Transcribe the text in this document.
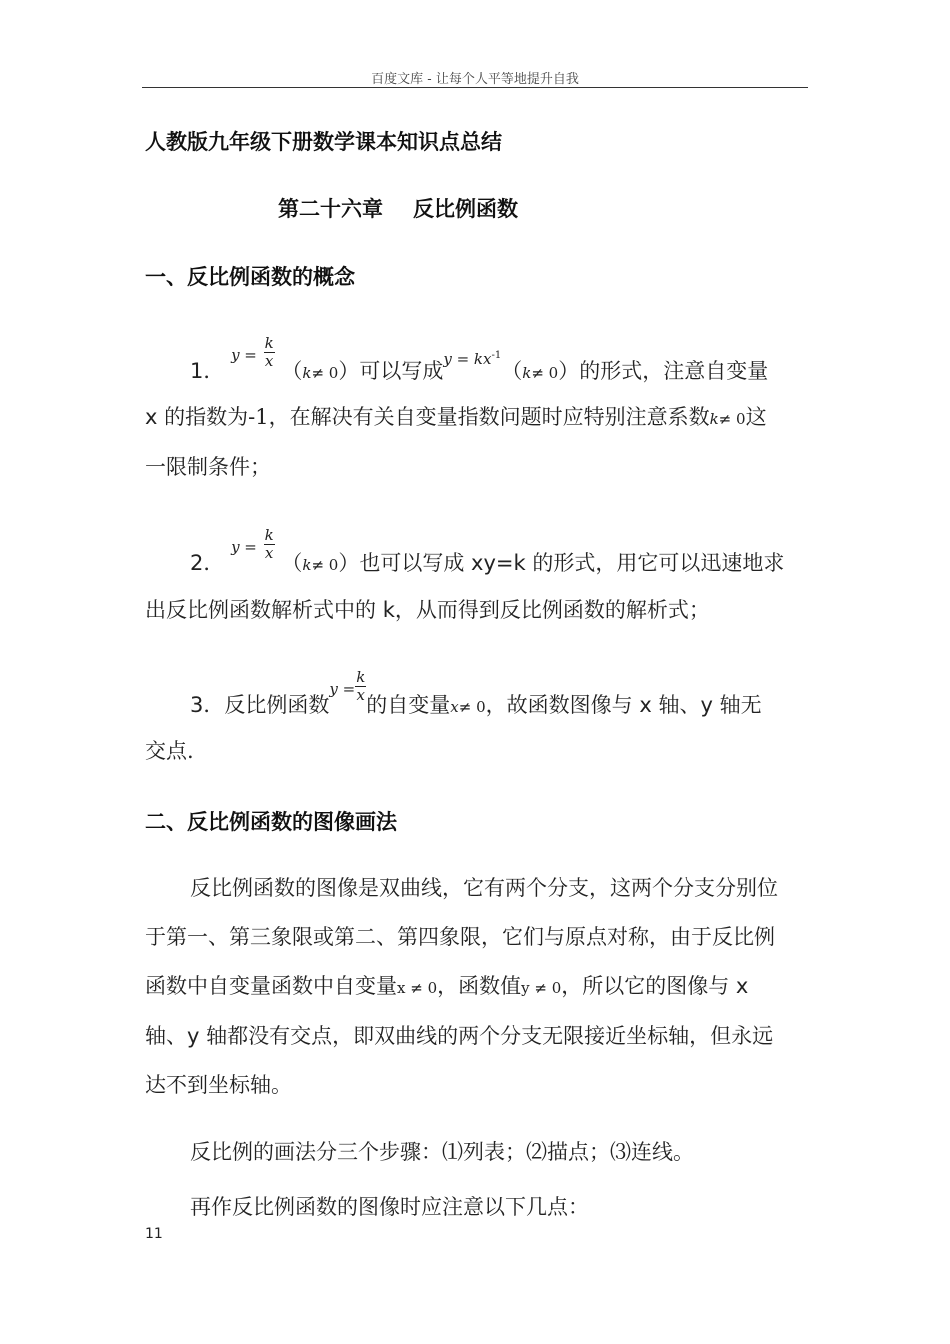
百度文库 - 让每个人平等地提升自我
人教版九年级下册数学课本知识点总结
第二十六章 反比例函数
一、反比例函数的概念
1． $y = \frac{k}{x}$
（k≠ 0）可以写成$^{y = kx^{-1}}$（k≠ 0）的形式，注意自变量
x 的指数为-1，在解决有关自变量指数问题时应特别注意系数k≠ 0这
一限制条件；
2． $y = \frac{k}{x}$
（k≠ 0）也可以写成 xy=k 的形式，用它可以迅速地求
出反比例函数解析式中的 k，从而得到反比例函数的解析式；
3．反比例函数$y = \frac{k}{x}$
的自变量x≠ 0，故函数图像与 x 轴、y 轴无
交点.
二、反比例函数的图像画法
反比例函数的图像是双曲线，它有两个分支，这两个分支分别位
于第一、第三象限或第二、第四象限，它们与原点对称，由于反比例
函数中自变量函数中自变量x ≠ 0，函数值y ≠ 0，所以它的图像与 x
轴、y 轴都没有交点，即双曲线的两个分支无限接近坐标轴，但永远
达不到坐标轴。
反比例的画法分三个步骤：⑴列表；⑵描点；⑶连线。
再作反比例函数的图像时应注意以下几点：
11
